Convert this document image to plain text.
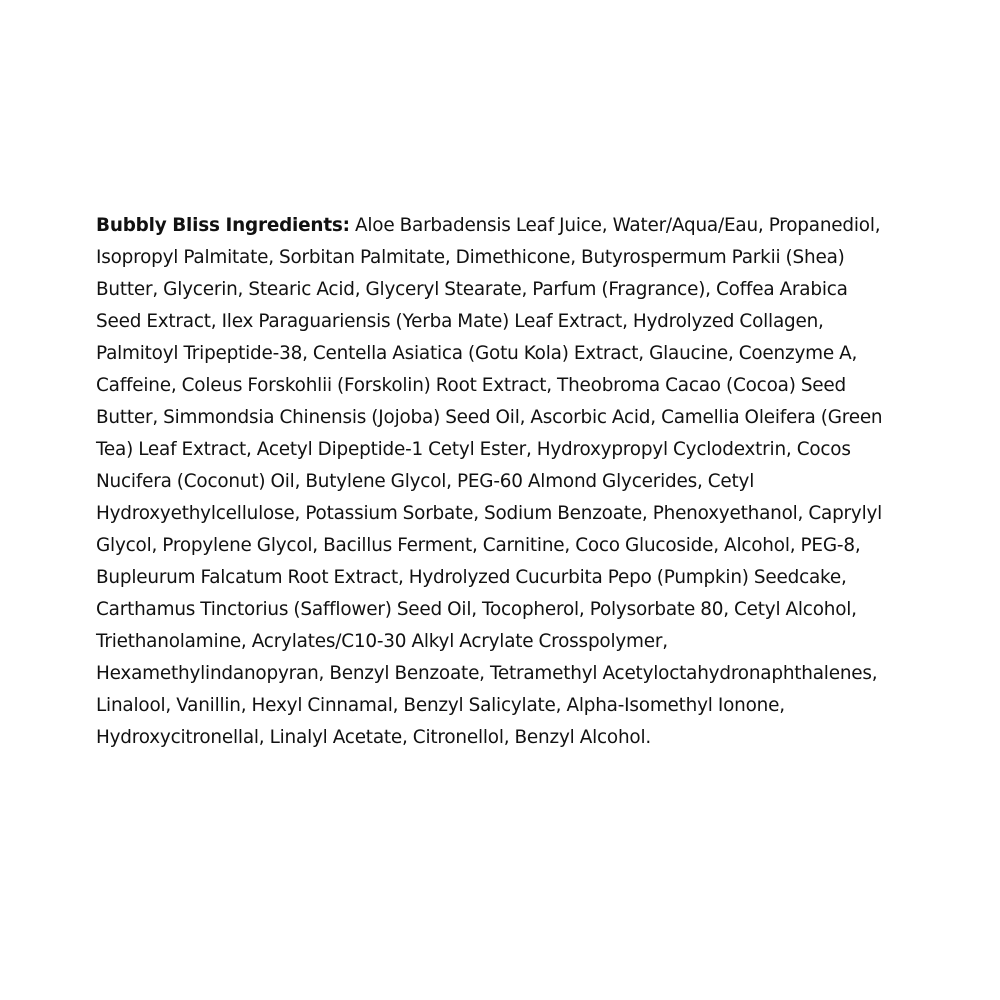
Bubbly Bliss Ingredients: Aloe Barbadensis Leaf Juice, Water/Aqua/Eau, Propanediol, Isopropyl Palmitate, Sorbitan Palmitate, Dimethicone, Butyrospermum Parkii (Shea) Butter, Glycerin, Stearic Acid, Glyceryl Stearate, Parfum (Fragrance), Coffea Arabica Seed Extract, Ilex Paraguariensis (Yerba Mate) Leaf Extract, Hydrolyzed Collagen, Palmitoyl Tripeptide-38, Centella Asiatica (Gotu Kola) Extract, Glaucine, Coenzyme A, Caffeine, Coleus Forskohlii (Forskolin) Root Extract, Theobroma Cacao (Cocoa) Seed Butter, Simmondsia Chinensis (Jojoba) Seed Oil, Ascorbic Acid, Camellia Oleifera (Green Tea) Leaf Extract, Acetyl Dipeptide-1 Cetyl Ester, Hydroxypropyl Cyclodextrin, Cocos Nucifera (Coconut) Oil, Butylene Glycol, PEG-60 Almond Glycerides, Cetyl Hydroxyethylcellulose, Potassium Sorbate, Sodium Benzoate, Phenoxyethanol, Caprylyl Glycol, Propylene Glycol, Bacillus Ferment, Carnitine, Coco Glucoside, Alcohol, PEG-8, Bupleurum Falcatum Root Extract, Hydrolyzed Cucurbita Pepo (Pumpkin) Seedcake, Carthamus Tinctorius (Safflower) Seed Oil, Tocopherol, Polysorbate 80, Cetyl Alcohol, Triethanolamine, Acrylates/C10-30 Alkyl Acrylate Crosspolymer, Hexamethylindanopyran, Benzyl Benzoate, Tetramethyl Acetyloctahydronaphthalenes, Linalool, Vanillin, Hexyl Cinnamal, Benzyl Salicylate, Alpha-Isomethyl Ionone, Hydroxycitronellal, Linalyl Acetate, Citronellol, Benzyl Alcohol.
